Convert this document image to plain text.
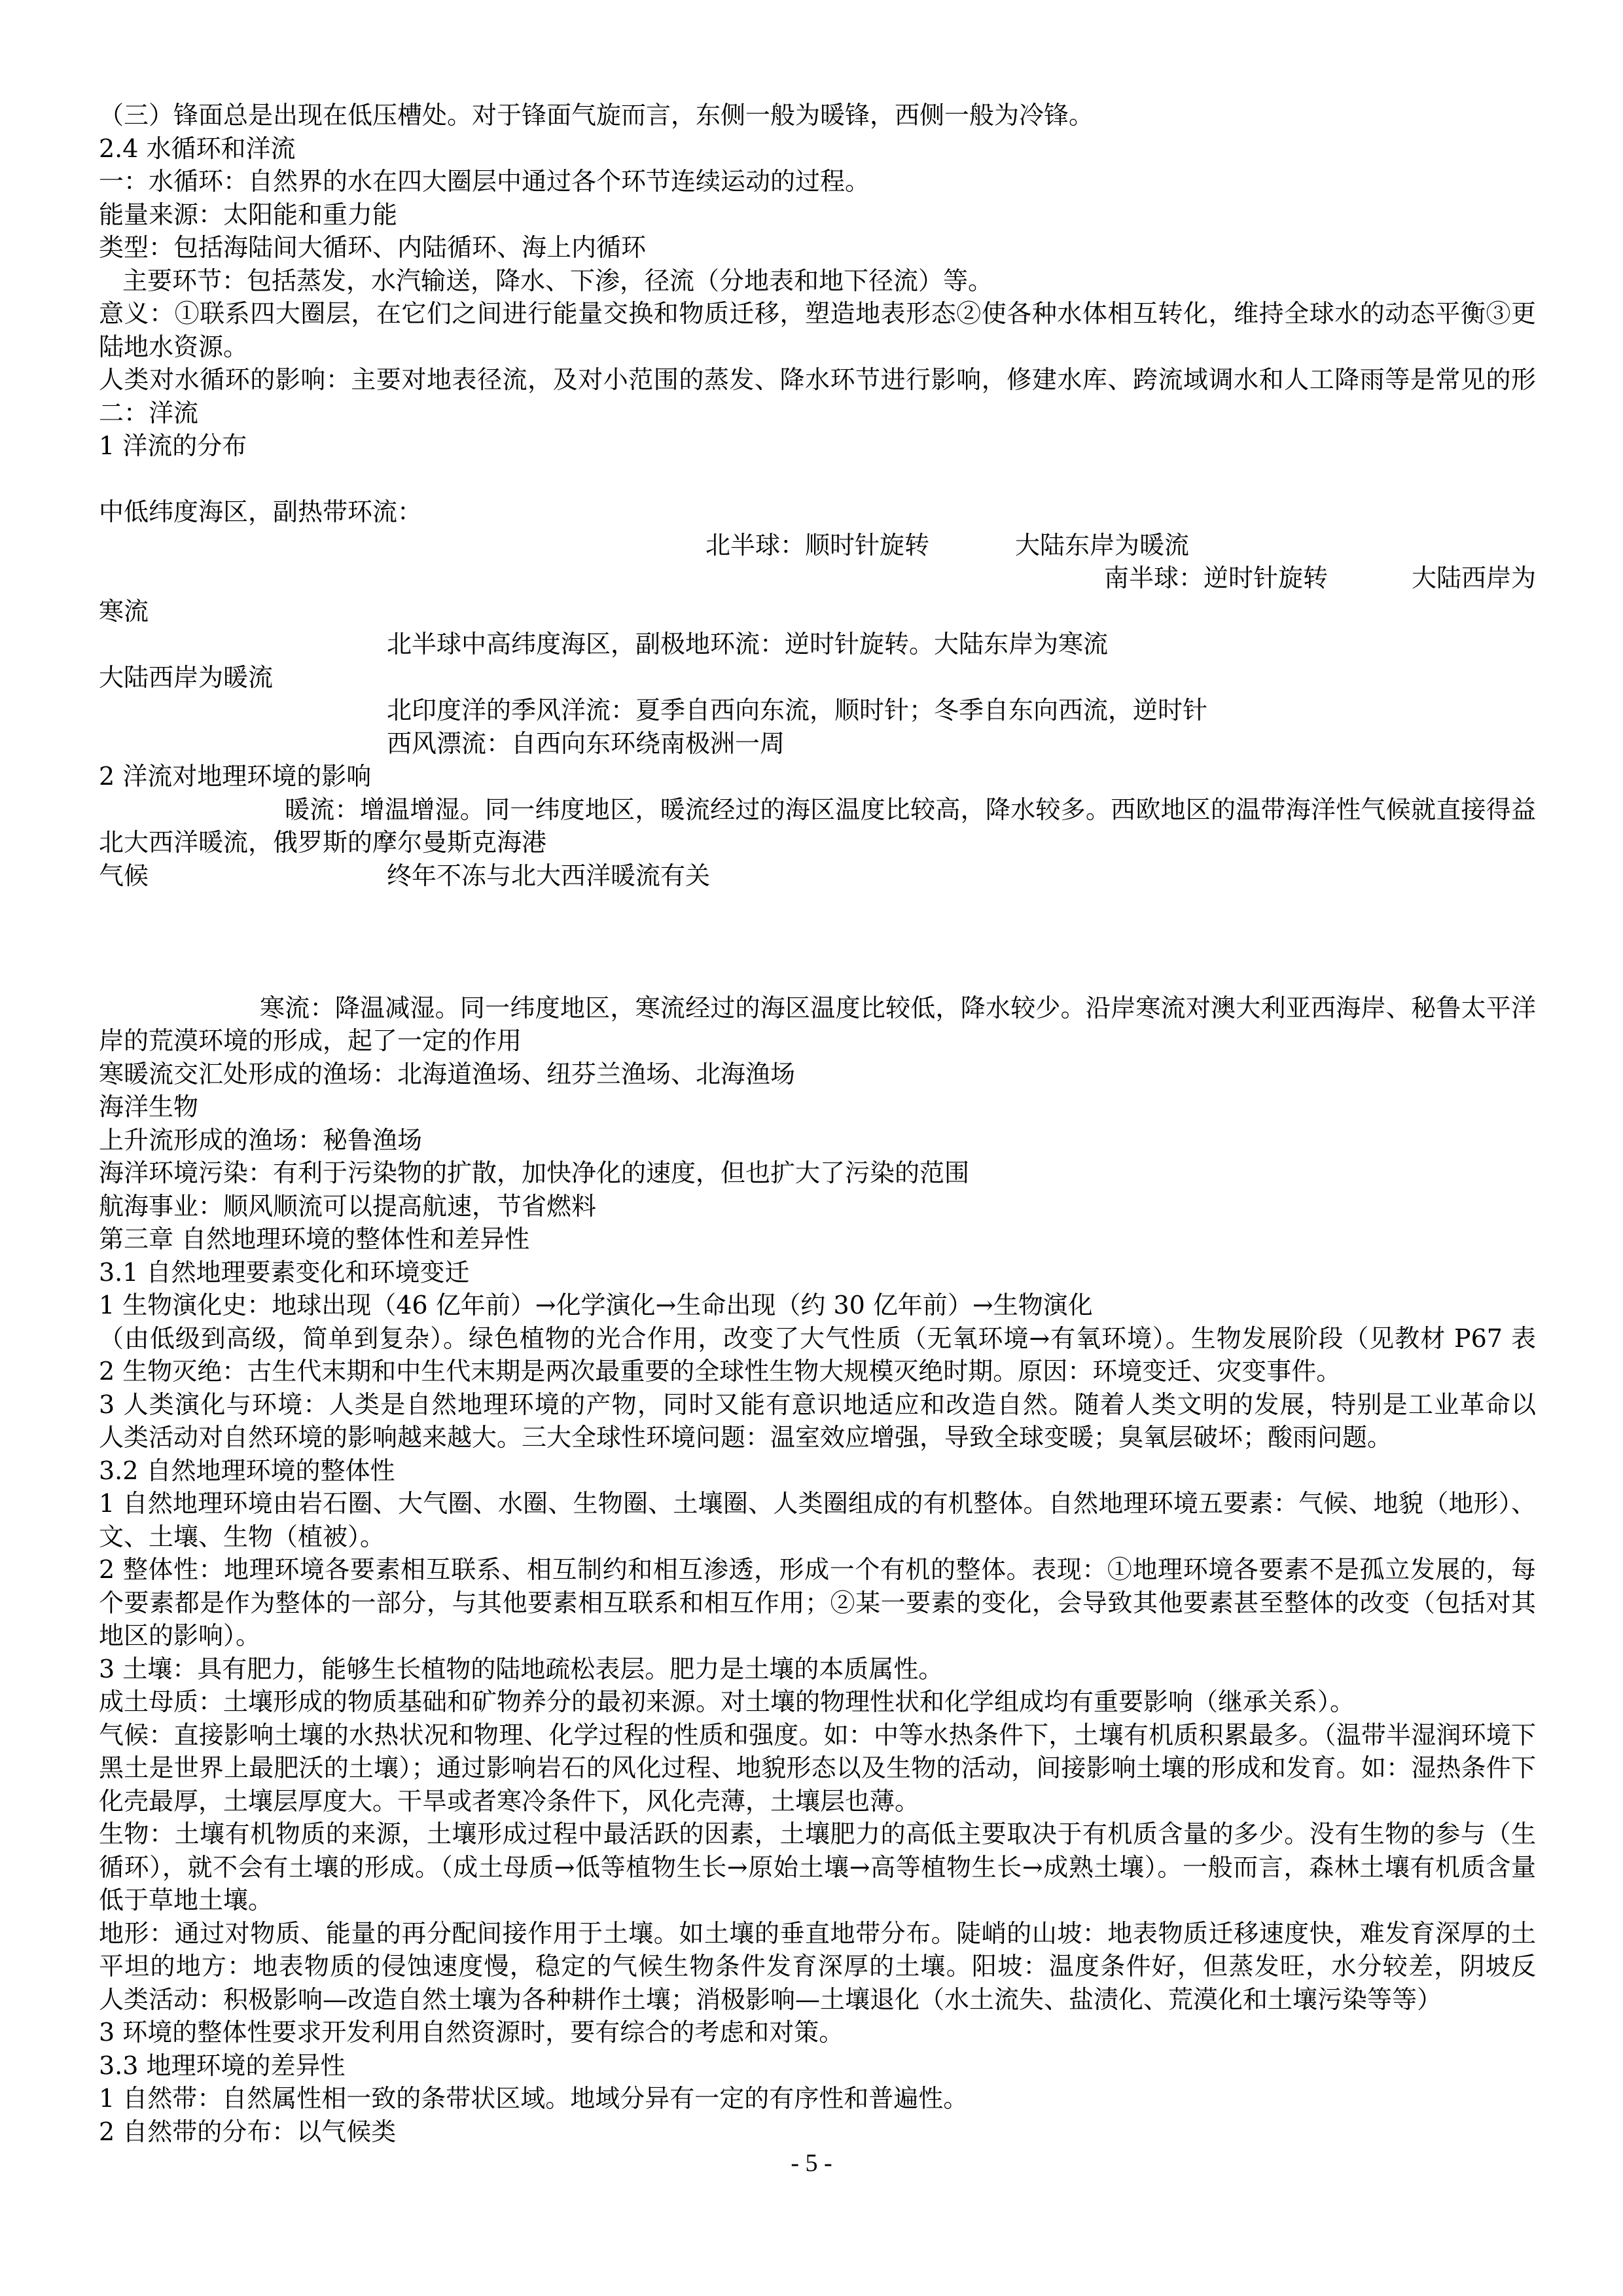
（三）锋面总是出现在低压槽处。对于锋面气旋而言，东侧一般为暖锋，西侧一般为冷锋。
2.4 水循环和洋流
一：水循环：自然界的水在四大圈层中通过各个环节连续运动的过程。
能量来源：太阳能和重力能
类型：包括海陆间大循环、内陆循环、海上内循环
主要环节：包括蒸发，水汽输送，降水、下渗，径流（分地表和地下径流）等。
意义：①联系四大圈层，在它们之间进行能量交换和物质迁移，塑造地表形态②使各种水体相互转化，维持全球水的动态平衡③更
陆地水资源。
人类对水循环的影响：主要对地表径流，及对小范围的蒸发、降水环节进行影响，修建水库、跨流域调水和人工降雨等是常见的形
二：洋流
1 洋流的分布
中低纬度海区，副热带环流：
北半球：顺时针旋转	大陆东岸为暖流
南半球：逆时针旋转	大陆西岸为
寒流
北半球中高纬度海区，副极地环流：逆时针旋转。大陆东岸为寒流
大陆西岸为暖流
北印度洋的季风洋流：夏季自西向东流，顺时针；冬季自东向西流，逆时针
西风漂流：自西向东环绕南极洲一周
2 洋流对地理环境的影响
暖流：增温增湿。同一纬度地区，暖流经过的海区温度比较高，降水较多。西欧地区的温带海洋性气候就直接得益
北大西洋暖流，俄罗斯的摩尔曼斯克海港
气候	终年不冻与北大西洋暖流有关
寒流：降温减湿。同一纬度地区，寒流经过的海区温度比较低，降水较少。沿岸寒流对澳大利亚西海岸、秘鲁太平洋
岸的荒漠环境的形成，起了一定的作用
寒暖流交汇处形成的渔场：北海道渔场、纽芬兰渔场、北海渔场
海洋生物
上升流形成的渔场：秘鲁渔场
海洋环境污染：有利于污染物的扩散，加快净化的速度，但也扩大了污染的范围
航海事业：顺风顺流可以提高航速，节省燃料
第三章 自然地理环境的整体性和差异性
3.1 自然地理要素变化和环境变迁
1 生物演化史：地球出现（46 亿年前）→化学演化→生命出现（约 30 亿年前）→生物演化
（由低级到高级，简单到复杂）。绿色植物的光合作用，改变了大气性质（无氧环境→有氧环境）。生物发展阶段（见教材 P67 表
2 生物灭绝：古生代末期和中生代末期是两次最重要的全球性生物大规模灭绝时期。原因：环境变迁、灾变事件。
3 人类演化与环境：人类是自然地理环境的产物，同时又能有意识地适应和改造自然。随着人类文明的发展，特别是工业革命以
人类活动对自然环境的影响越来越大。三大全球性环境问题：温室效应增强，导致全球变暖；臭氧层破坏；酸雨问题。
3.2 自然地理环境的整体性
1 自然地理环境由岩石圈、大气圈、水圈、生物圈、土壤圈、人类圈组成的有机整体。自然地理环境五要素：气候、地貌（地形）、
文、土壤、生物（植被）。
2 整体性：地理环境各要素相互联系、相互制约和相互渗透，形成一个有机的整体。表现：①地理环境各要素不是孤立发展的，每
个要素都是作为整体的一部分，与其他要素相互联系和相互作用；②某一要素的变化，会导致其他要素甚至整体的改变（包括对其
地区的影响）。
3 土壤：具有肥力，能够生长植物的陆地疏松表层。肥力是土壤的本质属性。
成土母质：土壤形成的物质基础和矿物养分的最初来源。对土壤的物理性状和化学组成均有重要影响（继承关系）。
气候：直接影响土壤的水热状况和物理、化学过程的性质和强度。如：中等水热条件下，土壤有机质积累最多。（温带半湿润环境下
黑土是世界上最肥沃的土壤）；通过影响岩石的风化过程、地貌形态以及生物的活动，间接影响土壤的形成和发育。如：湿热条件下
化壳最厚，土壤层厚度大。干旱或者寒冷条件下，风化壳薄，土壤层也薄。
生物：土壤有机物质的来源，土壤形成过程中最活跃的因素，土壤肥力的高低主要取决于有机质含量的多少。没有生物的参与（生
循环），就不会有土壤的形成。（成土母质→低等植物生长→原始土壤→高等植物生长→成熟土壤）。一般而言，森林土壤有机质含量
低于草地土壤。
地形：通过对物质、能量的再分配间接作用于土壤。如土壤的垂直地带分布。陡峭的山坡：地表物质迁移速度快，难发育深厚的土
平坦的地方：地表物质的侵蚀速度慢，稳定的气候生物条件发育深厚的土壤。阳坡：温度条件好，但蒸发旺，水分较差，阴坡反
人类活动：积极影响—改造自然土壤为各种耕作土壤；消极影响—土壤退化（水土流失、盐渍化、荒漠化和土壤污染等等）
3 环境的整体性要求开发利用自然资源时，要有综合的考虑和对策。
3.3 地理环境的差异性
1 自然带：自然属性相一致的条带状区域。地域分异有一定的有序性和普遍性。
2 自然带的分布：以气候类
- 5 -
